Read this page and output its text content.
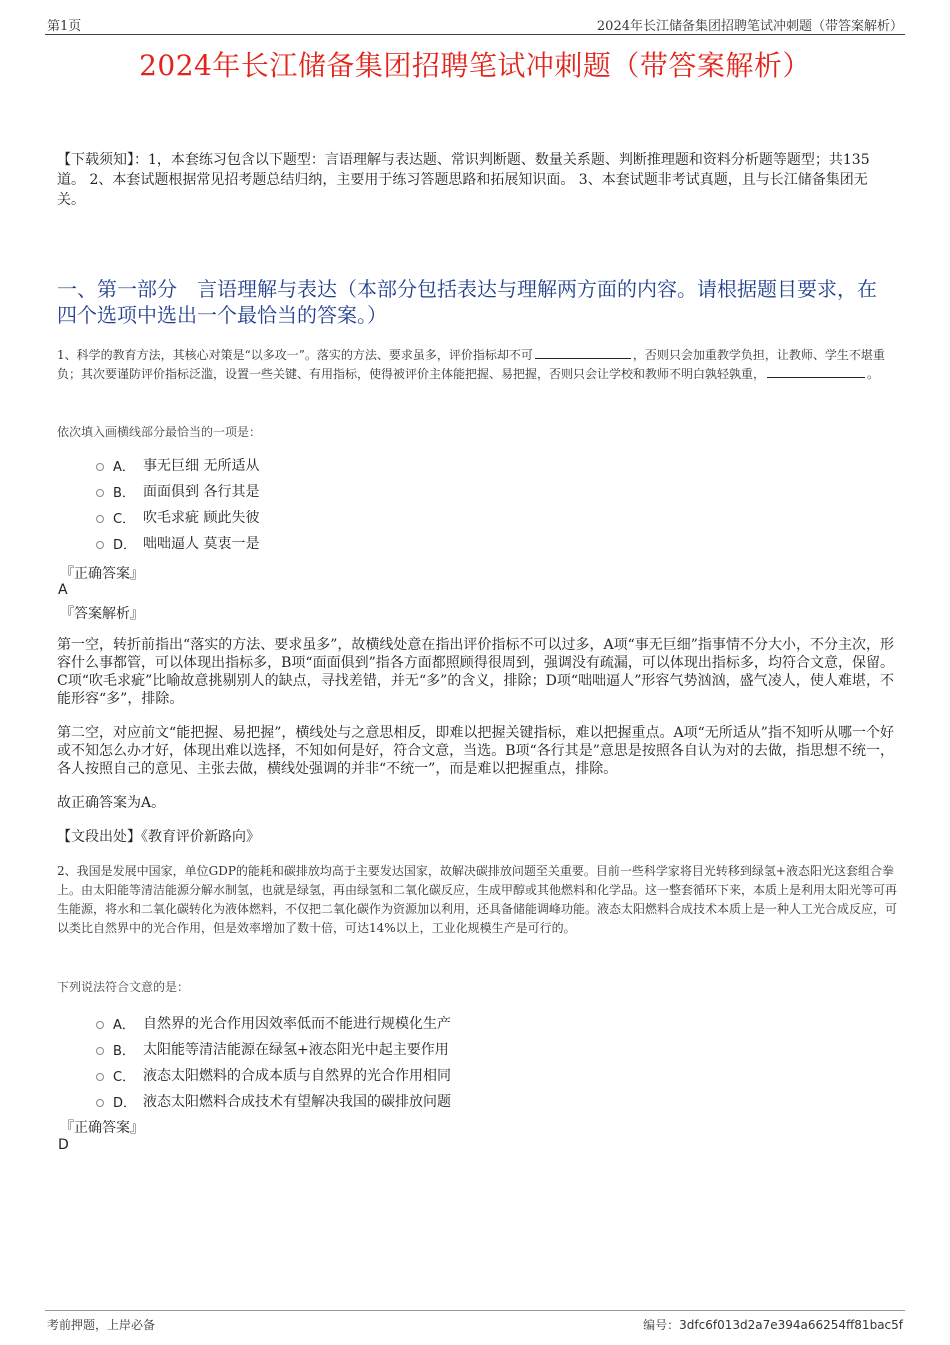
第1页	2024年长江储备集团招聘笔试冲刺题（带答案解析）
2024年长江储备集团招聘笔试冲刺题（带答案解析）
【下载须知】：1，本套练习包含以下题型：言语理解与表达题、常识判断题、数量关系题、判断推理题和资料分析题等题型；共135道。 2、本套试题根据常见招考题总结归纳，主要用于练习答题思路和拓展知识面。 3、本套试题非考试真题，且与长江储备集团无关。
一、第一部分　言语理解与表达（本部分包括表达与理解两方面的内容。请根据题目要求，在四个选项中选出一个最恰当的答案。）
1、科学的教育方法，其核心对策是“以多攻一”。落实的方法、要求虽多，评价指标却不可	，否则只会加重教学负担，让教师、学生不堪重负；其次要谨防评价指标泛滥，设置一些关键、有用指标，使得被评价主体能把握、易把握，否则只会让学校和教师不明白孰轻孰重，	。
依次填入画横线部分最恰当的一项是：
A． 事无巨细 无所适从
B． 面面俱到 各行其是
C． 吹毛求疵 顾此失彼
D． 咄咄逼人 莫衷一是
『正确答案』
A
『答案解析』
第一空，转折前指出“落实的方法、要求虽多”，故横线处意在指出评价指标不可以过多，A项“事无巨细”指事情不分大小，不分主次，形容什么事都管，可以体现出指标多，B项“面面俱到”指各方面都照顾得很周到，强调没有疏漏，可以体现出指标多，均符合文意，保留。C项“吹毛求疵”比喻故意挑剔别人的缺点，寻找差错，并无“多”的含义，排除；D项“咄咄逼人”形容气势汹汹，盛气凌人，使人难堪，不能形容“多”，排除。
第二空，对应前文“能把握、易把握”，横线处与之意思相反，即难以把握关键指标，难以把握重点。A项“无所适从”指不知听从哪一个好或不知怎么办才好，体现出难以选择，不知如何是好，符合文意，当选。B项“各行其是”意思是按照各自认为对的去做，指思想不统一，各人按照自己的意见、主张去做，横线处强调的并非“不统一”，而是难以把握重点，排除。
故正确答案为A。
【文段出处】《教育评价新路向》
2、我国是发展中国家，单位GDP的能耗和碳排放均高于主要发达国家，故解决碳排放问题至关重要。目前一些科学家将目光转移到绿氢+液态阳光这套组合拳上。由太阳能等清洁能源分解水制氢，也就是绿氢，再由绿氢和二氧化碳反应，生成甲醇或其他燃料和化学品。这一整套循环下来，本质上是利用太阳光等可再生能源，将水和二氧化碳转化为液体燃料，不仅把二氧化碳作为资源加以利用，还具备储能调峰功能。液态太阳燃料合成技术本质上是一种人工光合成反应，可以类比自然界中的光合作用，但是效率增加了数十倍，可达14%以上，工业化规模生产是可行的。
下列说法符合文意的是：
A． 自然界的光合作用因效率低而不能进行规模化生产
B． 太阳能等清洁能源在绿氢+液态阳光中起主要作用
C． 液态太阳燃料的合成本质与自然界的光合作用相同
D． 液态太阳燃料合成技术有望解决我国的碳排放问题
『正确答案』
D
考前押题，上岸必备	编号：3dfc6f013d2a7e394a66254ff81bac5f
